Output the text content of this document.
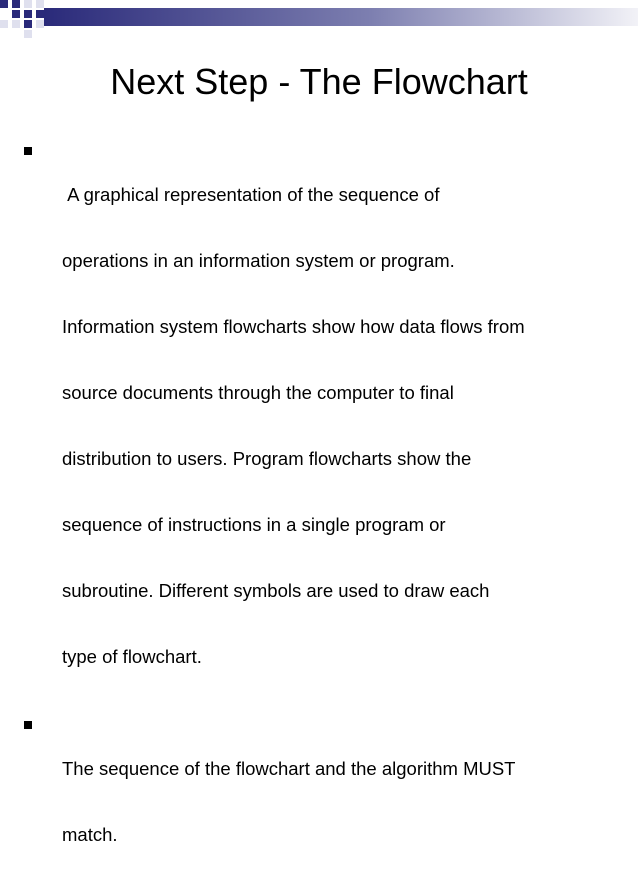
Next Step - The Flowchart

A graphical representation of the sequence of

operations in an information system or program.

Information system flowcharts show how data flows from

source documents through the computer to final

distribution to users. Program flowcharts show the

sequence of instructions in a single program or

subroutine. Different symbols are used to draw each

type of flowchart.

The sequence of the flowchart and the algorithm MUST

match.
